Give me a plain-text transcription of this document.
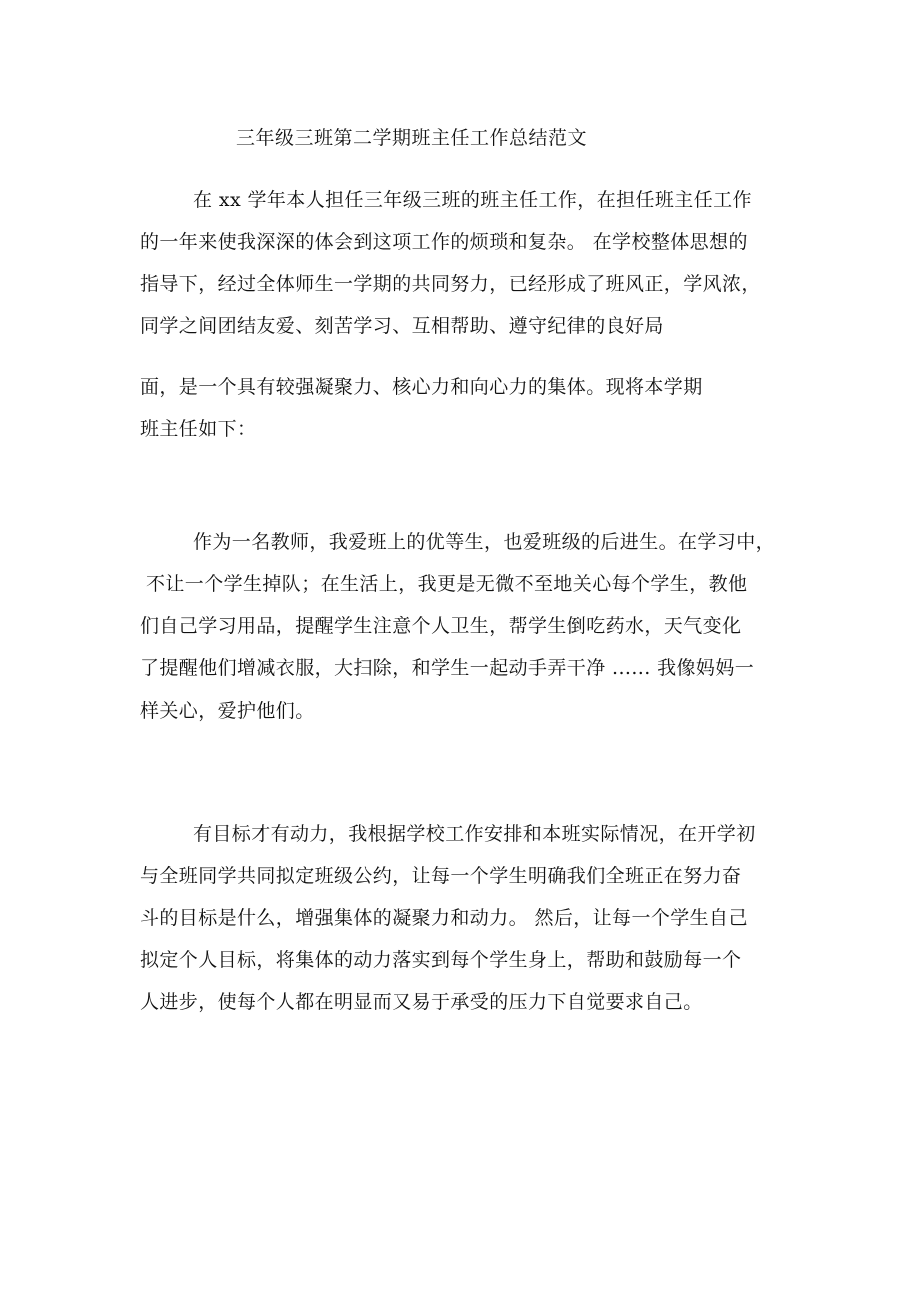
三年级三班第二学期班主任工作总结范文
在 xx 学年本人担任三年级三班的班主任工作，在担任班主任工作
的一年来使我深深的体会到这项工作的烦琐和复杂。 在学校整体思想的
指导下，经过全体师生一学期的共同努力，已经形成了班风正，学风浓，
同学之间团结友爱、刻苦学习、互相帮助、遵守纪律的良好局
面，是一个具有较强凝聚力、核心力和向心力的集体。现将本学期
班主任如下：
作为一名教师，我爱班上的优等生，也爱班级的后进生。在学习中，
不让一个学生掉队；在生活上，我更是无微不至地关心每个学生，教他
们自己学习用品，提醒学生注意个人卫生，帮学生倒吃药水，天气变化
了提醒他们增减衣服，大扫除，和学生一起动手弄干净 ...... 我像妈妈一
样关心，爱护他们。
有目标才有动力，我根据学校工作安排和本班实际情况，在开学初
与全班同学共同拟定班级公约，让每一个学生明确我们全班正在努力奋
斗的目标是什么，增强集体的凝聚力和动力。 然后，让每一个学生自己
拟定个人目标，将集体的动力落实到每个学生身上，帮助和鼓励每一个
人进步，使每个人都在明显而又易于承受的压力下自觉要求自己。
